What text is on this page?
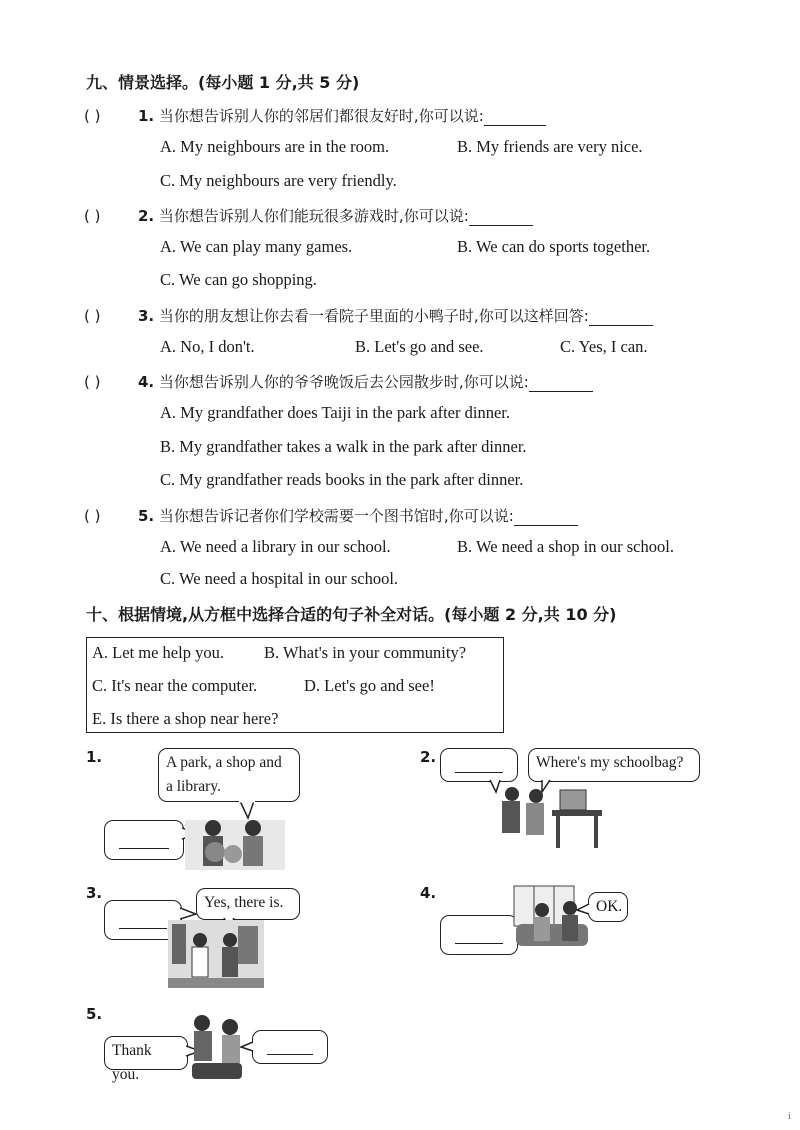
九、情景选择。(每小题 1 分,共 5 分)
( )	1. 当你想告诉别人你的邻居们都很友好时,你可以说:
A. My neighbours are in the room.	B. My friends are very nice.
C. My neighbours are very friendly.
( )	2. 当你想告诉别人你们能玩很多游戏时,你可以说:
A. We can play many games.	B. We can do sports together.
C. We can go shopping.
( )	3. 当你的朋友想让你去看一看院子里面的小鸭子时,你可以这样回答:
A. No, I don't.	B. Let's go and see.	C. Yes, I can.
( )	4. 当你想告诉别人你的爷爷晚饭后去公园散步时,你可以说:
A. My grandfather does Taiji in the park after dinner.
B. My grandfather takes a walk in the park after dinner.
C. My grandfather reads books in the park after dinner.
( )	5. 当你想告诉记者你们学校需要一个图书馆时,你可以说:
A. We need a library in our school.	B. We need a shop in our school.
C. We need a hospital in our school.
十、根据情境,从方框中选择合适的句子补全对话。(每小题 2 分,共 10 分)
A. Let me help you. B. What's in your community?
C. It's near the computer.	D. Let's go and see!
E. Is there a shop near here?
1.	A park, a shop and
a library.
2.	Where's my schoolbag?
3.
Yes, there is.
4.
OK.
5.
Thank you.
i
